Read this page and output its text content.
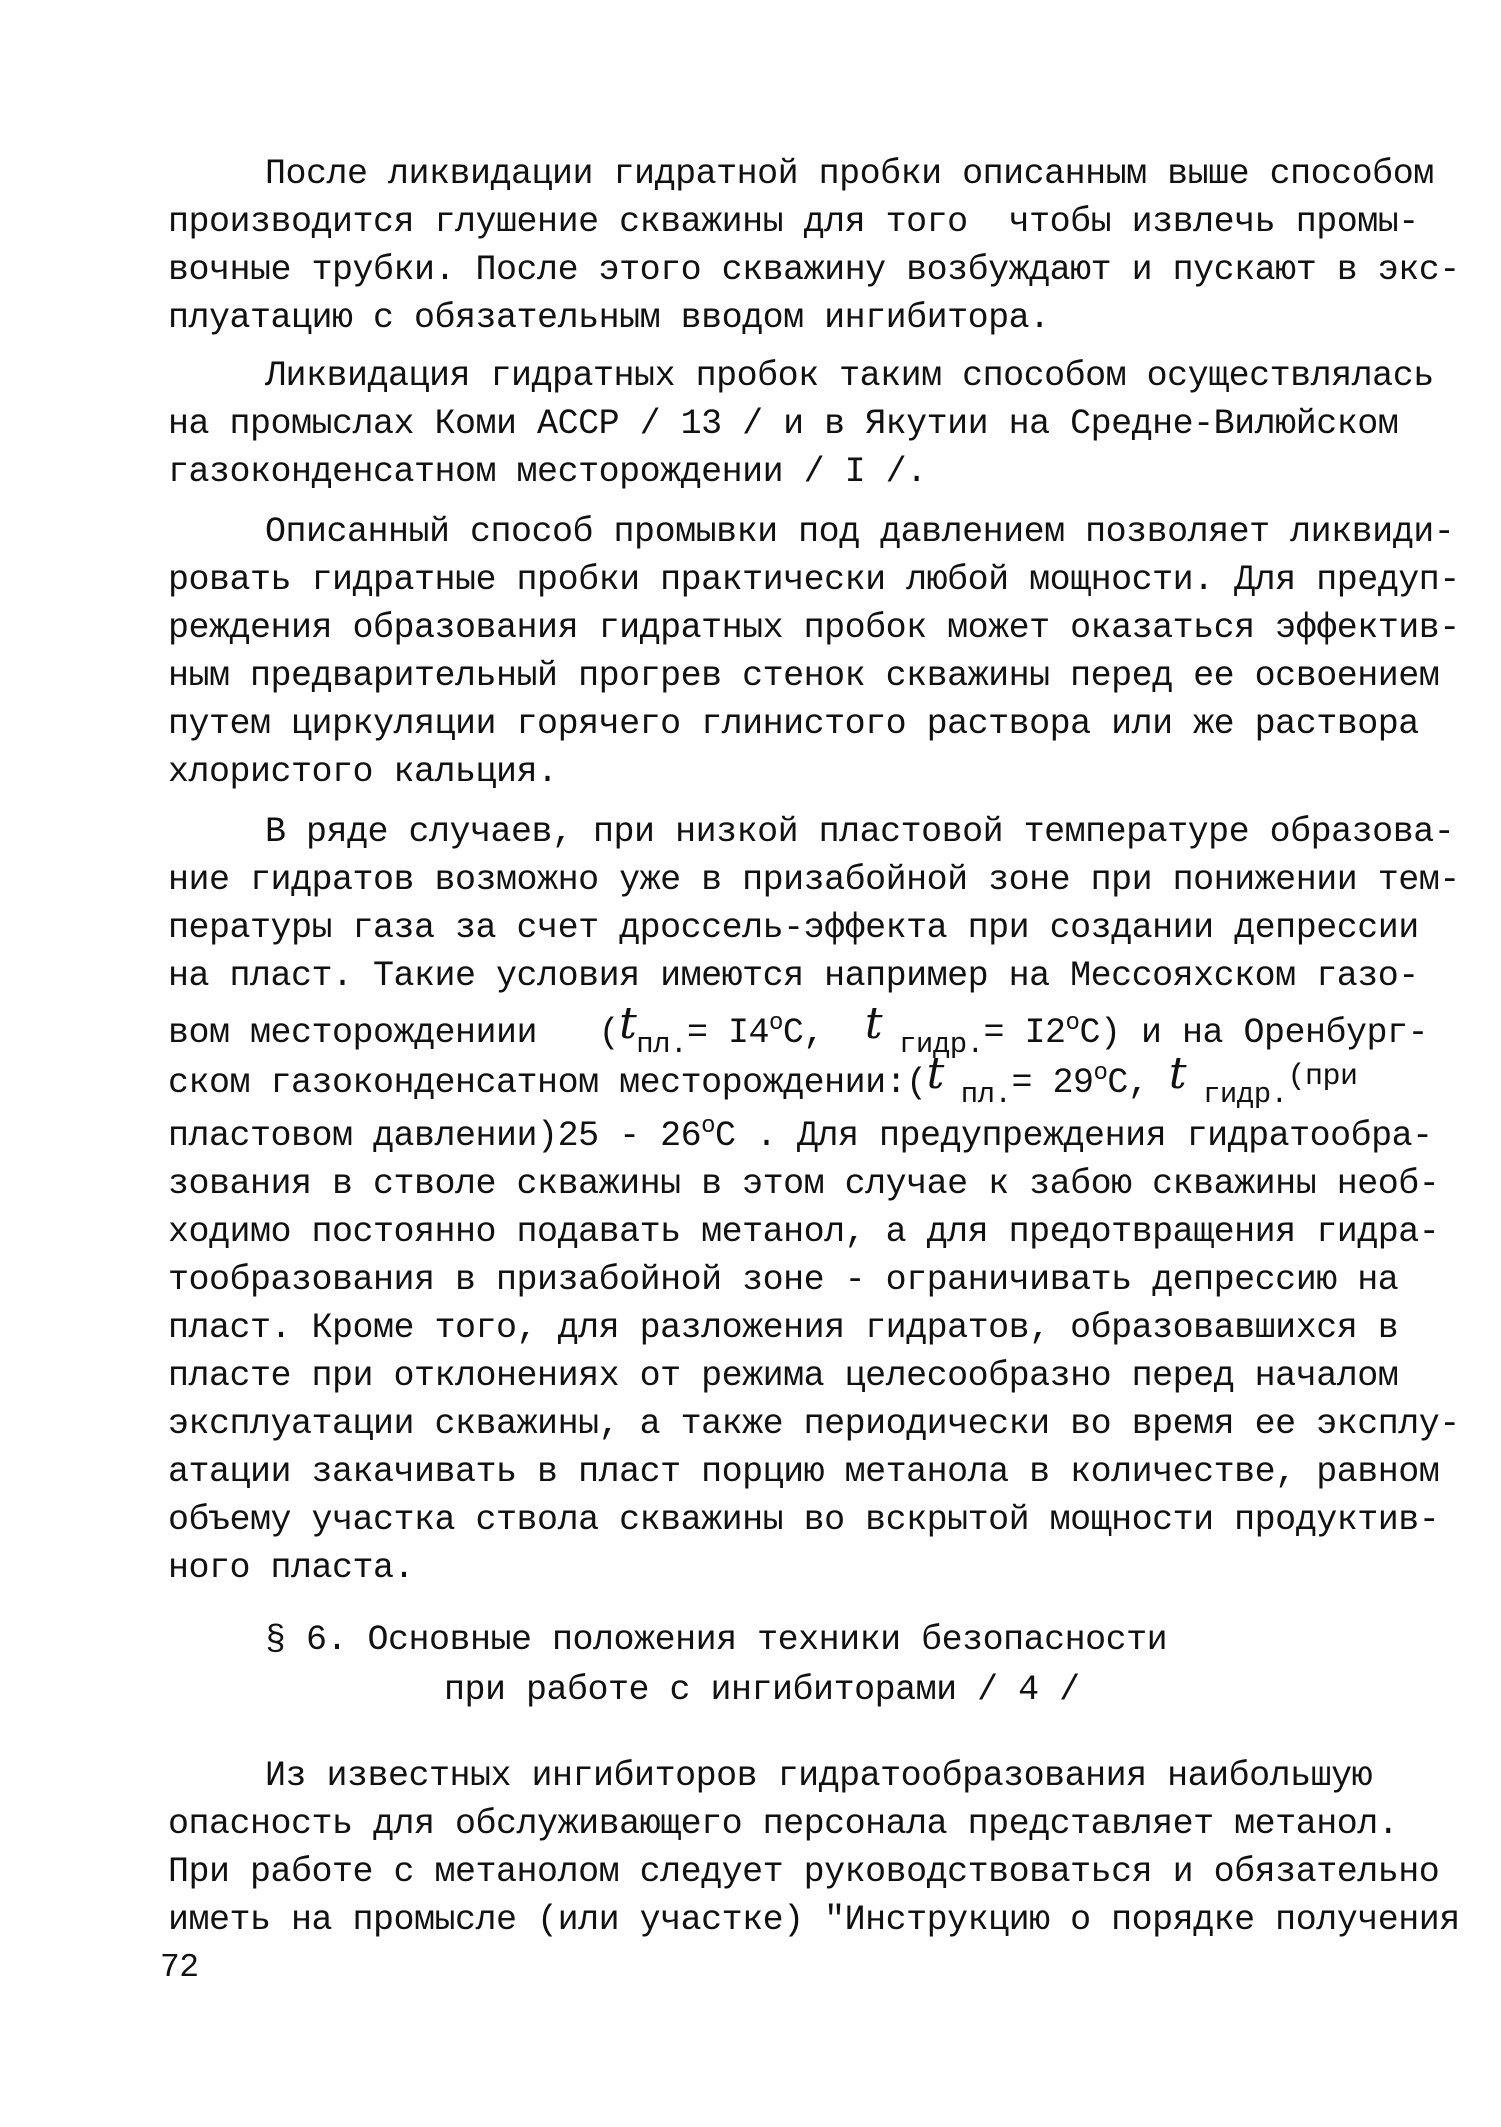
После ликвидации гидратной пробки описанным выше способом
производится глушение скважины для того  чтобы извлечь промы-
вочные трубки. После этого скважину возбуждают и пускают в экс-
плуатацию с обязательным вводом ингибитора.
Ликвидация гидратных пробок таким способом осуществлялась
на промыслах Коми АССР / 13 / и в Якутии на Средне-Вилюйском
газоконденсатном месторождении / I /.
Описанный способ промывки под давлением позволяет ликвиди-
ровать гидратные пробки практически любой мощности. Для предуп-
реждения образования гидратных пробок может оказаться эффектив-
ным предварительный прогрев стенок скважины перед ее освоением
путем циркуляции горячего глинистого раствора или же раствора
хлористого кальция.
В ряде случаев, при низкой пластовой температуре образова-
ние гидратов возможно уже в призабойной зоне при понижении тем-
пературы газа за счет дроссель-эффекта при создании депрессии
на пласт. Такие условия имеются например на Мессояхском газо-
вом месторождениии   ($t_{пл.}= I4^оС$,  t $_{гидр.}= I2^оС$) и на Оренбург-
ском газоконденсатном месторождении:(t $_{пл.}= 29^оС$, t $_{гидр.}$(при
пластовом давлении)25 - $26^оС$ . Для предупреждения гидратообра-
зования в стволе скважины в этом случае к забою скважины необ-
ходимо постоянно подавать метанол, а для предотвращения гидра-
тообразования в призабойной зоне - ограничивать депрессию на
пласт. Кроме того, для разложения гидратов, образовавшихся в
пласте при отклонениях от режима целесообразно перед началом
эксплуатации скважины, а также периодически во время ее эксплу-
атации закачивать в пласт порцию метанола в количестве, равном
объему участка ствола скважины во вскрытой мощности продуктив-
ного пласта.
§ 6. Основные положения техники безопасности
при работе с ингибиторами / 4 /
Из известных ингибиторов гидратообразования наибольшую
опасность для обслуживающего персонала представляет метанол.
При работе с метанолом следует руководствоваться и обязательно
иметь на промысле (или участке) "Инструкцию о порядке получения
72
